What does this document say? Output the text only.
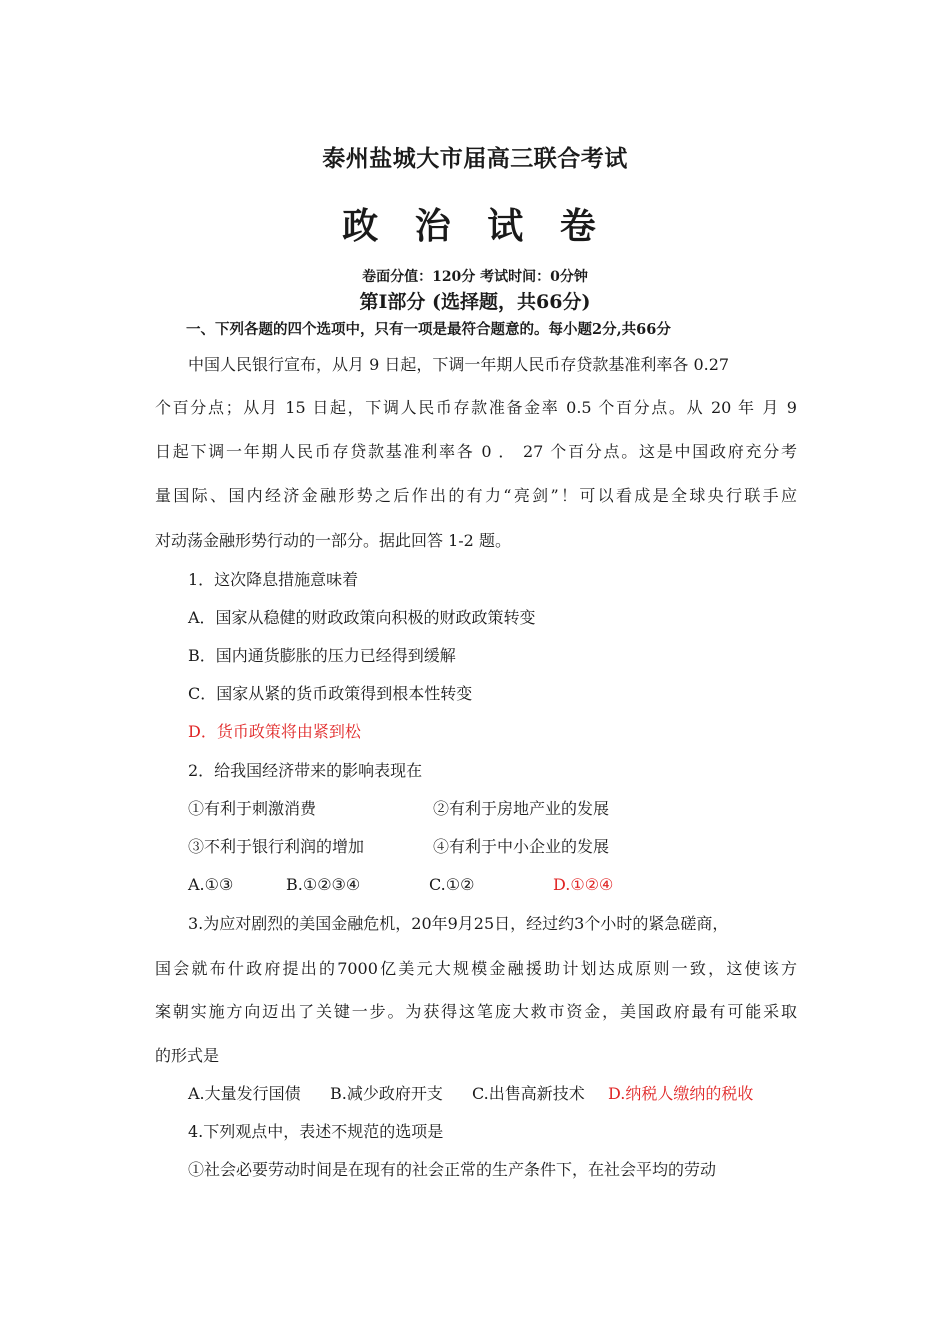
泰州盐城大市届高三联合考试
政 治 试 卷
卷面分值：120分 考试时间：0分钟
第Ⅰ部分 (选择题，共66分)
一、下列各题的四个选项中，只有一项是最符合题意的。每小题2分,共66分
中国人民银行宣布，从月 9 日起，下调一年期人民币存贷款基准利率各 0.27
个百分点；从月 15 日起，下调人民币存款准备金率 0.5 个百分点。从 20 年 月 9
日起下调一年期人民币存贷款基准利率各 0 ． 27 个百分点。这是中国政府充分考
量国际、国内经济金融形势之后作出的有力“亮剑”！可以看成是全球央行联手应
对动荡金融形势行动的一部分。据此回答 1-2 题。
1．这次降息措施意味着
A．国家从稳健的财政政策向积极的财政政策转变
B．国内通货膨胀的压力已经得到缓解
C．国家从紧的货币政策得到根本性转变
D．货币政策将由紧到松
2．给我国经济带来的影响表现在
①有利于刺激消费	②有利于房地产业的发展
③不利于银行利润的增加	④有利于中小企业的发展
A.①③	B.①②③④	C.①②	D.①②④
3.为应对剧烈的美国金融危机，20年9月25日，经过约3个小时的紧急磋商，
国会就布什政府提出的7000亿美元大规模金融援助计划达成原则一致，这使该方
案朝实施方向迈出了关键一步。为获得这笔庞大救市资金，美国政府最有可能采取
的形式是
A.大量发行国债 B.减少政府开支 C.出售高新技术 D.纳税人缴纳的税收
4.下列观点中，表述不规范的选项是
①社会必要劳动时间是在现有的社会正常的生产条件下，在社会平均的劳动
